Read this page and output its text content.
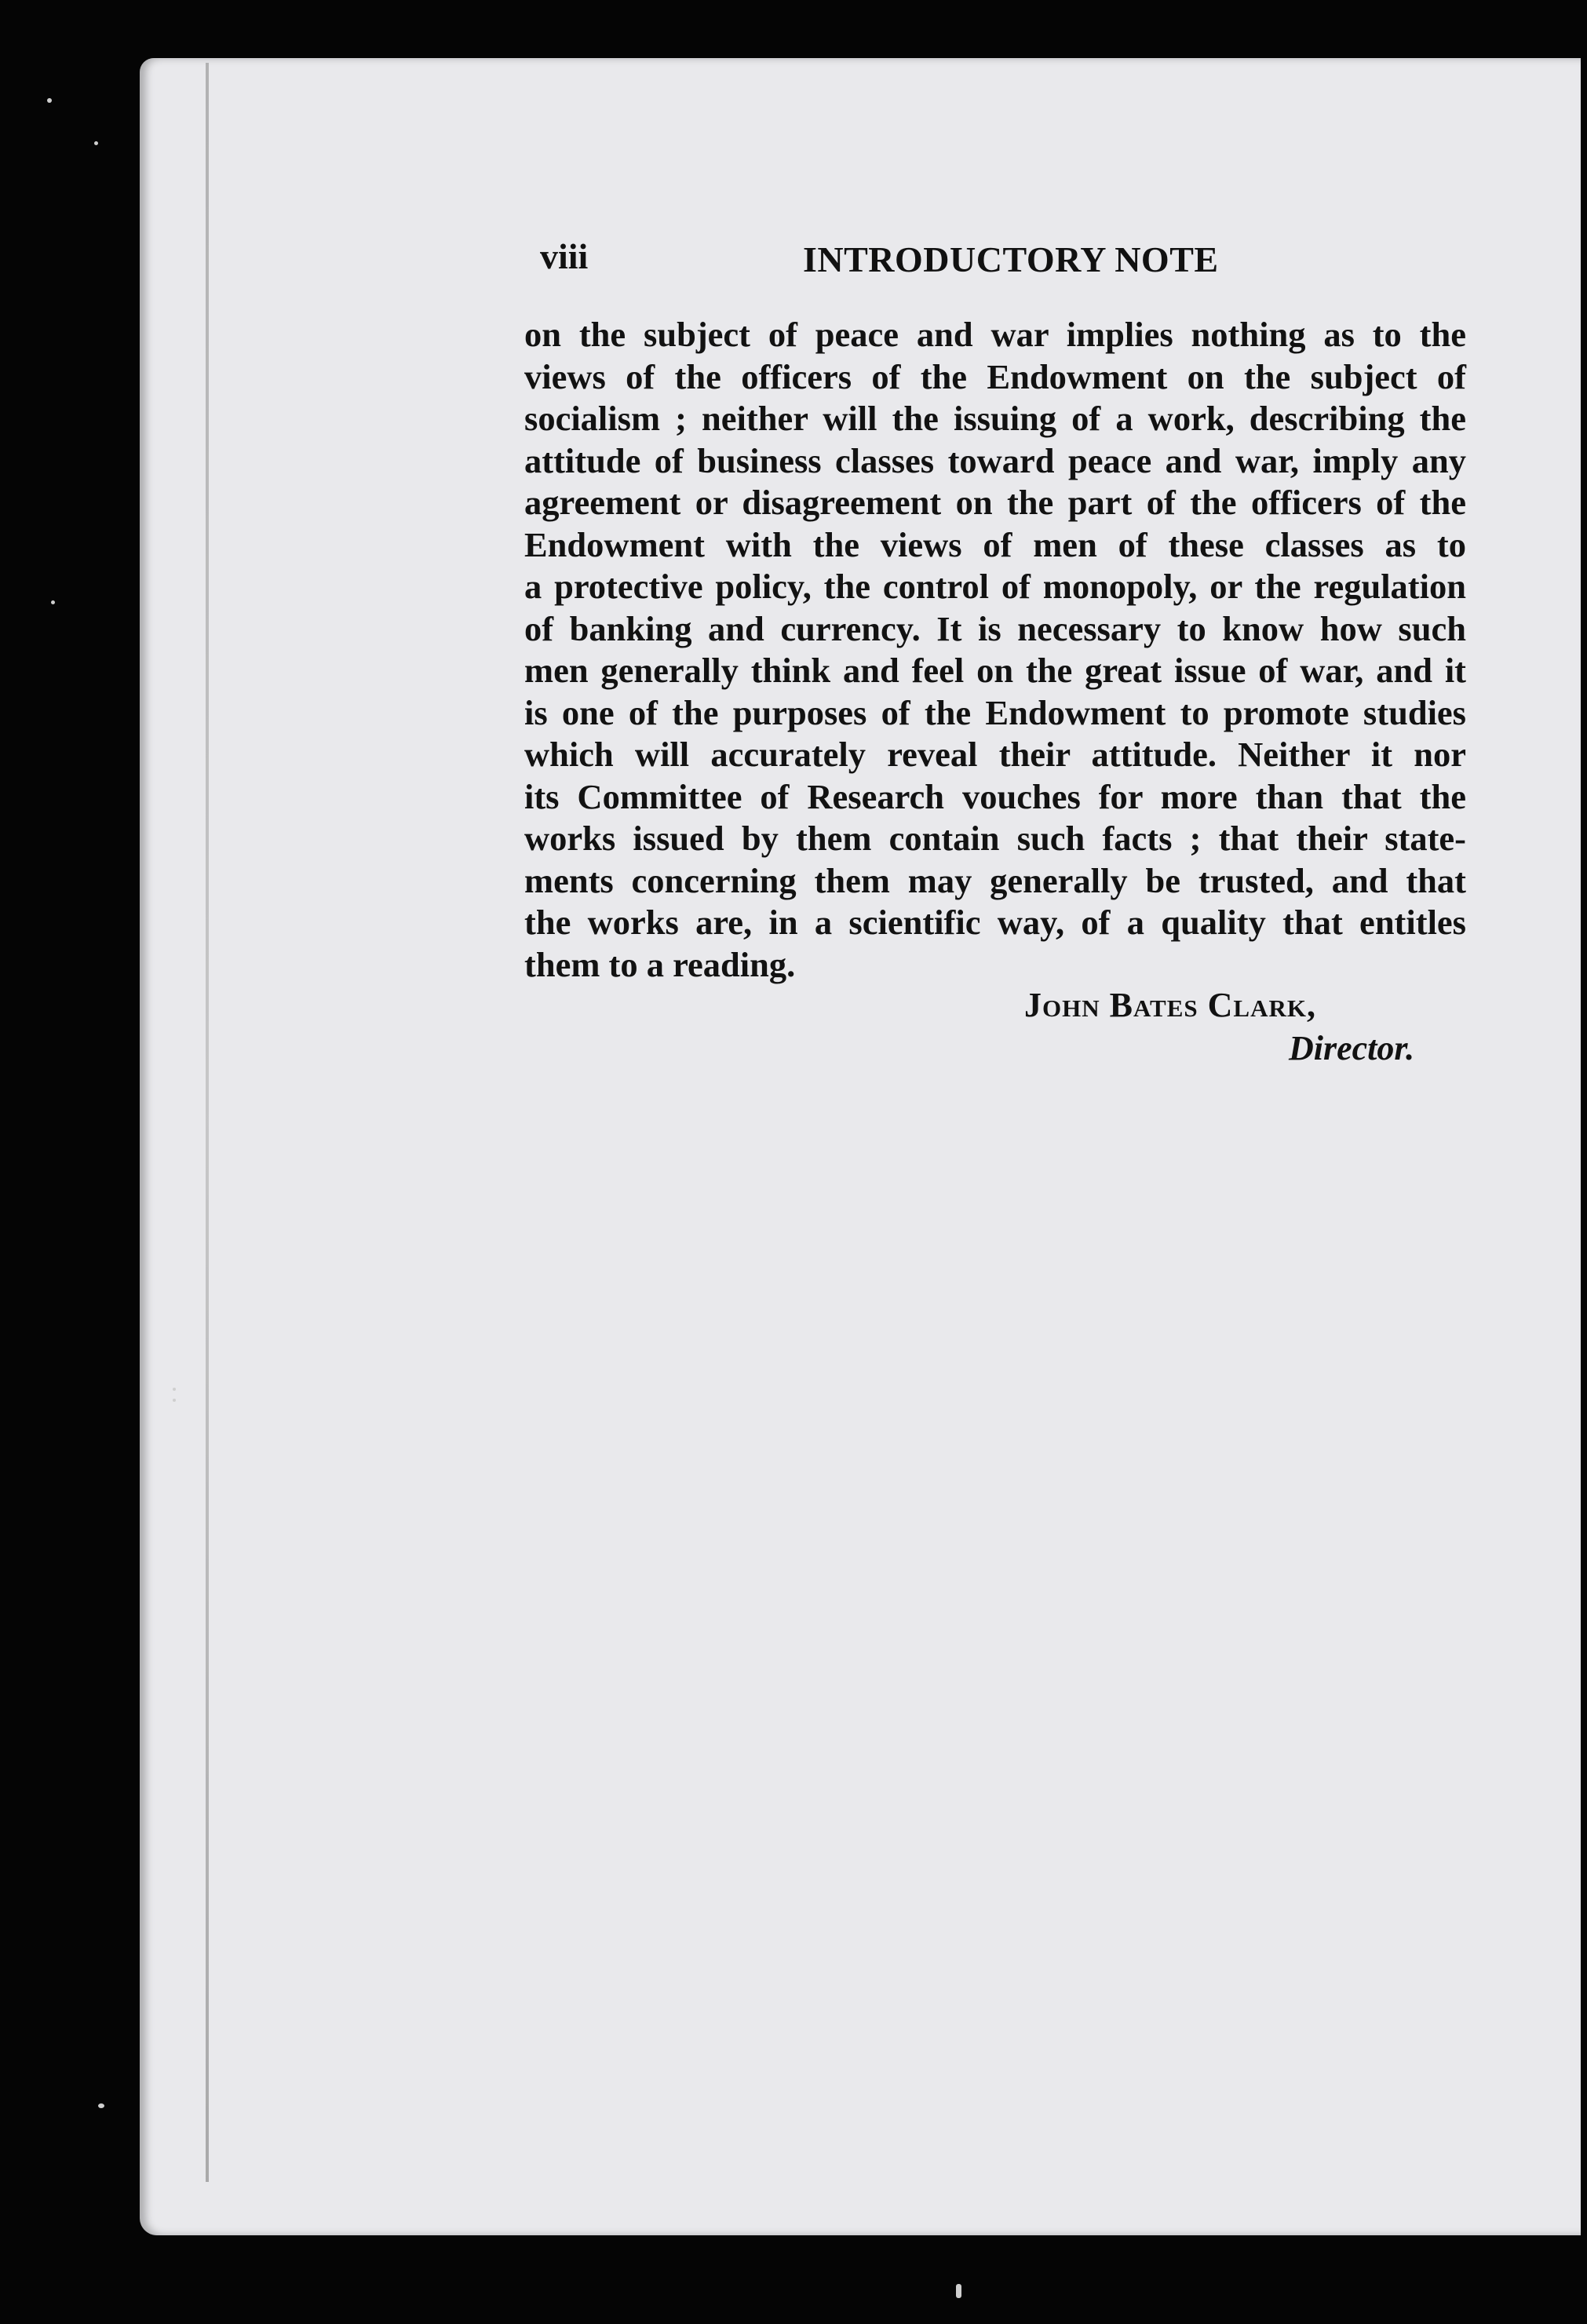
viii	INTRODUCTORY NOTE
on the subject of peace and war implies nothing as to the
views of the officers of the Endowment on the subject of
socialism ; neither will the issuing of a work, describing the
attitude of business classes toward peace and war, imply any
agreement or disagreement on the part of the officers of the
Endowment with the views of men of these classes as to
a protective policy, the control of monopoly, or the regulation
of banking and currency. It is necessary to know how such
men generally think and feel on the great issue of war, and it
is one of the purposes of the Endowment to promote studies
which will accurately reveal their attitude. Neither it nor
its Committee of Research vouches for more than that the
works issued by them contain such facts ; that their state-
ments concerning them may generally be trusted, and that
the works are, in a scientific way, of a quality that entitles
them to a reading.
John Bates Clark,
Director.
